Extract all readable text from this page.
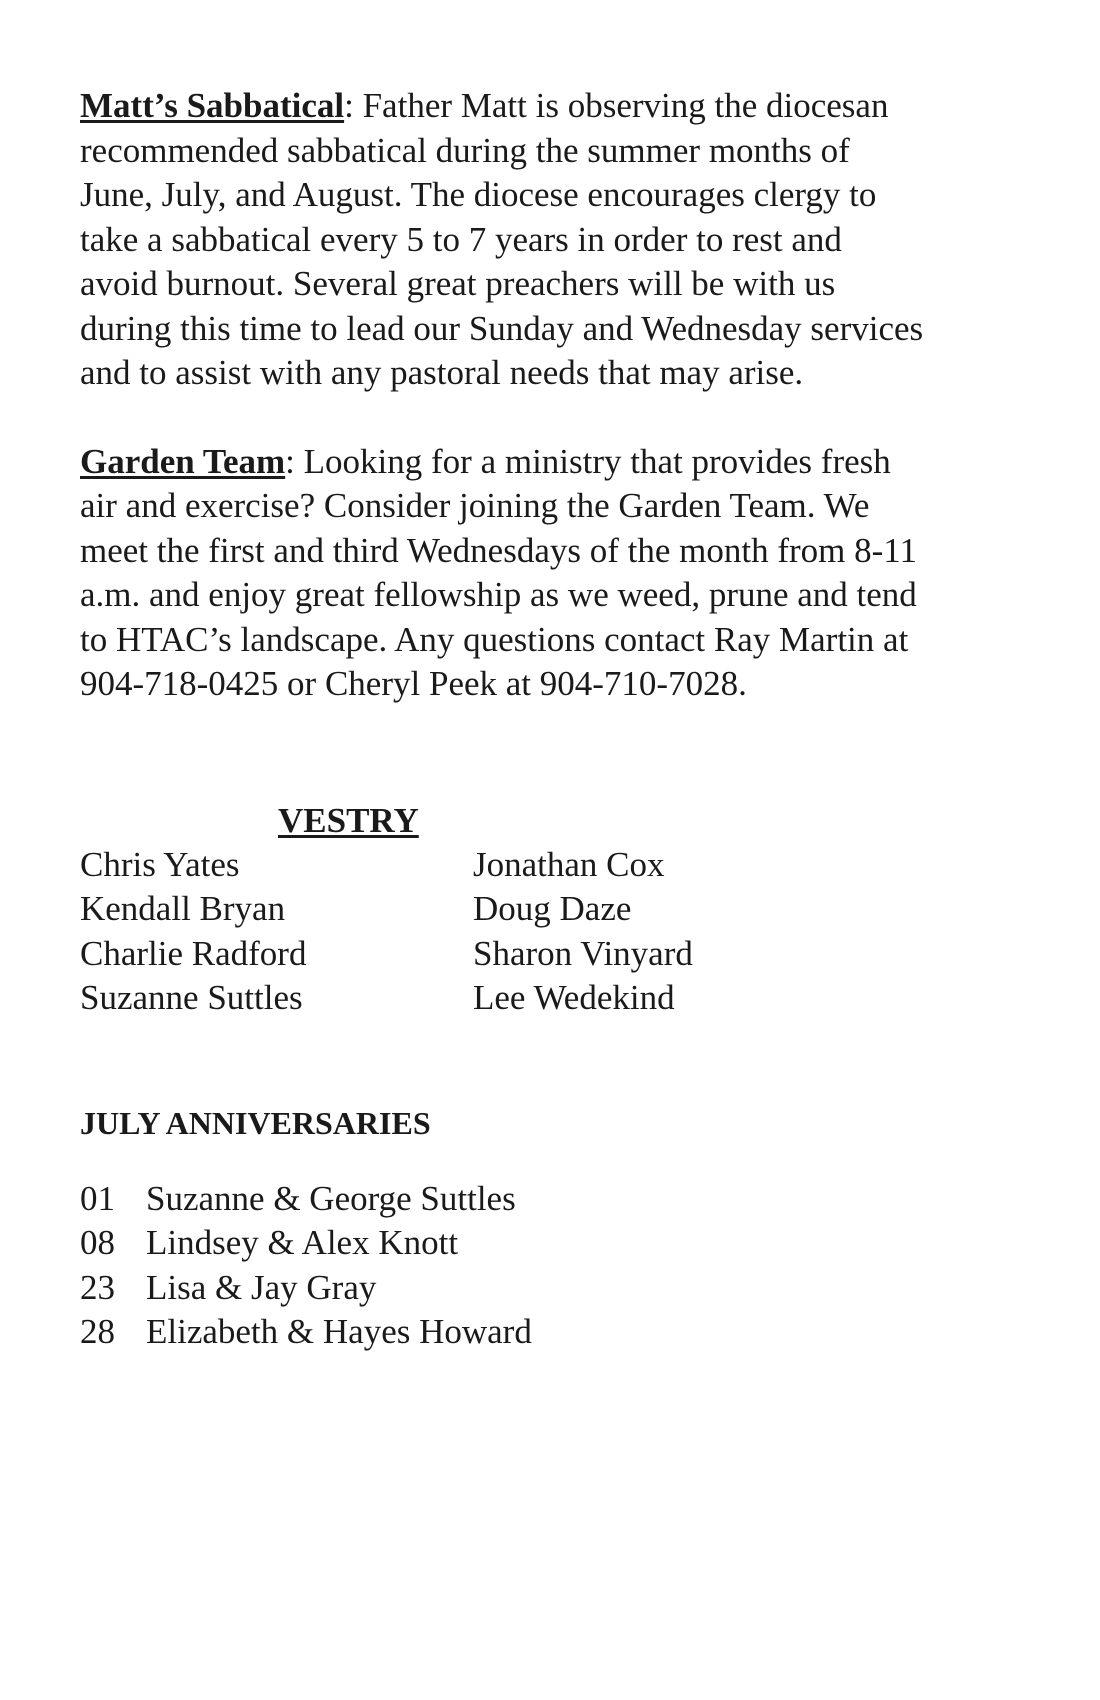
Matt’s Sabbatical: Father Matt is observing the diocesan
recommended sabbatical during the summer months of
June, July, and August. The diocese encourages clergy to
take a sabbatical every 5 to 7 years in order to rest and
avoid burnout. Several great preachers will be with us
during this time to lead our Sunday and Wednesday services
and to assist with any pastoral needs that may arise.

Garden Team: Looking for a ministry that provides fresh
air and exercise? Consider joining the Garden Team. We
meet the first and third Wednesdays of the month from 8-11
a.m. and enjoy great fellowship as we weed, prune and tend
to HTAC’s landscape. Any questions contact Ray Martin at
904-718-0425 or Cheryl Peek at 904-710-7028.

VESTRY
Chris Yates	Jonathan Cox
Kendall Bryan	Doug Daze
Charlie Radford	Sharon Vinyard
Suzanne Suttles	Lee Wedekind
JULY ANNIVERSARIES
01 Suzanne & George Suttles
08 Lindsey & Alex Knott
23 Lisa & Jay Gray
28 Elizabeth & Hayes Howard
